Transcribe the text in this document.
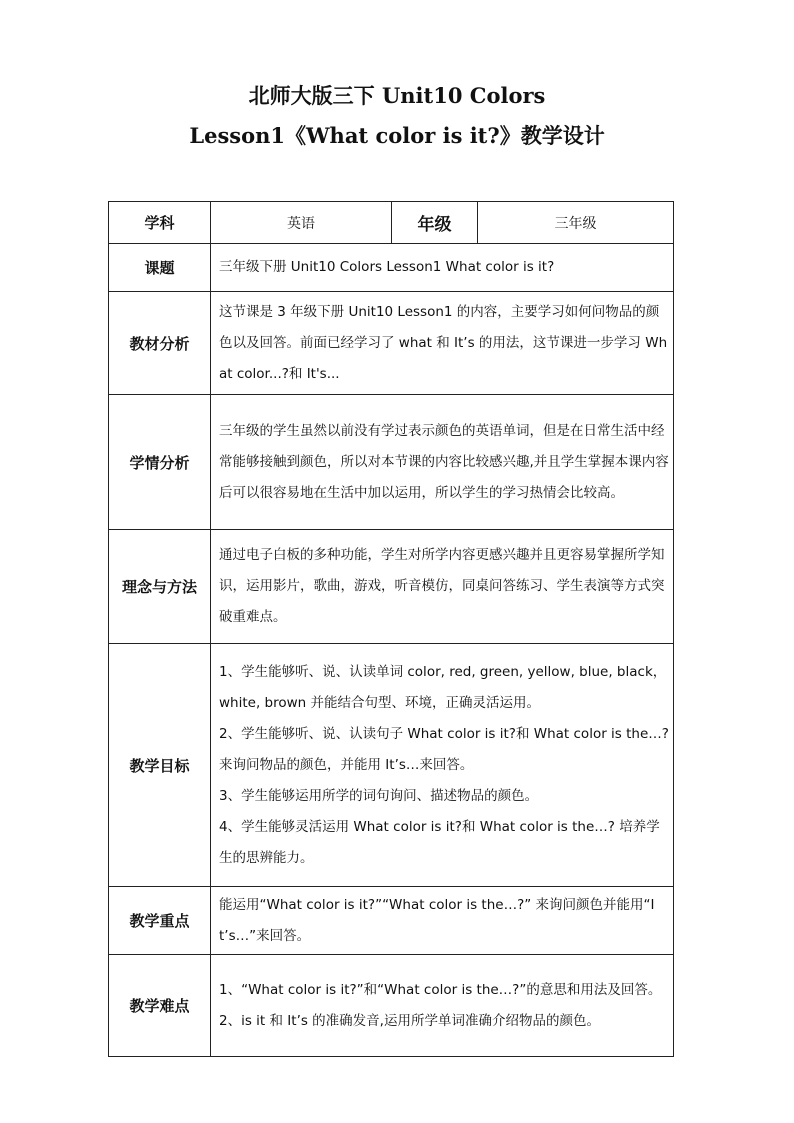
北师大版三下 Unit10 Colors
Lesson1《What color is it?》教学设计
学科	英语	年级	三年级
课题	三年级下册 Unit10 Colors Lesson1 What color is it?		
教材分析	这节课是 3 年级下册 Unit10 Lesson1 的内容，主要学习如何问物品的颜色以及回答。前面已经学习了 what 和 It’s 的用法，这节课进一步学习 What color...?和 It's...		
学情分析	三年级的学生虽然以前没有学过表示颜色的英语单词，但是在日常生活中经常能够接触到颜色，所以对本节课的内容比较感兴趣,并且学生掌握本课内容后可以很容易地在生活中加以运用，所以学生的学习热情会比较高。		
理念与方法	通过电子白板的多种功能，学生对所学内容更感兴趣并且更容易掌握所学知识，运用影片，歌曲，游戏，听音模仿，同桌问答练习、学生表演等方式突破重难点。		
教学目标	1、学生能够听、说、认读单词 color, red, green, yellow, blue, black，white, brown 并能结合句型、环境，正确灵活运用。

2、学生能够听、说、认读句子 What color is it?和 What color is the…?来询问物品的颜色，并能用 It’s…来回答。

3、学生能够运用所学的词句询问、描述物品的颜色。

4、学生能够灵活运用 What color is it?和 What color is the…? 培养学生的思辨能力。		

教学重点	能运用“What color is it?”“What color is the…?” 来询问颜色并能用“It’s…”来回答。		
教学难点	1、“What color is it?”和“What color is the…?”的意思和用法及回答。

2、is it 和 It’s 的准确发音,运用所学单词准确介绍物品的颜色。		
